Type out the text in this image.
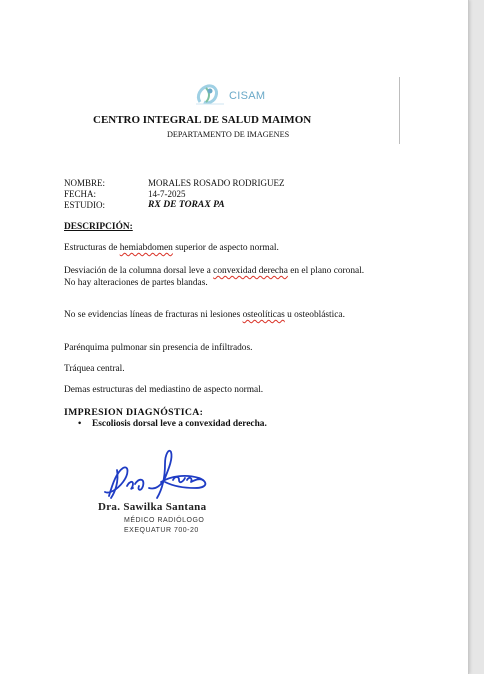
CISAM
CENTRO INTEGRAL DE SALUD MAIMON
DEPARTAMENTO DE IMAGENES
NOMBRE:	MORALES ROSADO RODRIGUEZ
FECHA:	14-7-2025
ESTUDIO:	RX DE TORAX PA
DESCRIPCIÓN:
Estructuras de hemiabdomen superior de aspecto normal.
Desviación de la columna dorsal leve a convexidad derecha en el plano coronal.
No hay alteraciones de partes blandas.
No se evidencias líneas de fracturas ni lesiones osteolíticas u osteoblástica.
Parénquima pulmonar sin presencia de infiltrados.
Tráquea central.
Demas estructuras del mediastino de aspecto normal.
IMPRESION DIAGNÓSTICA:
• Escoliosis dorsal leve a convexidad derecha.
Dra. Sawilka Santana
MÉDICO RADIÓLOGO
EXEQUATUR 700-20
